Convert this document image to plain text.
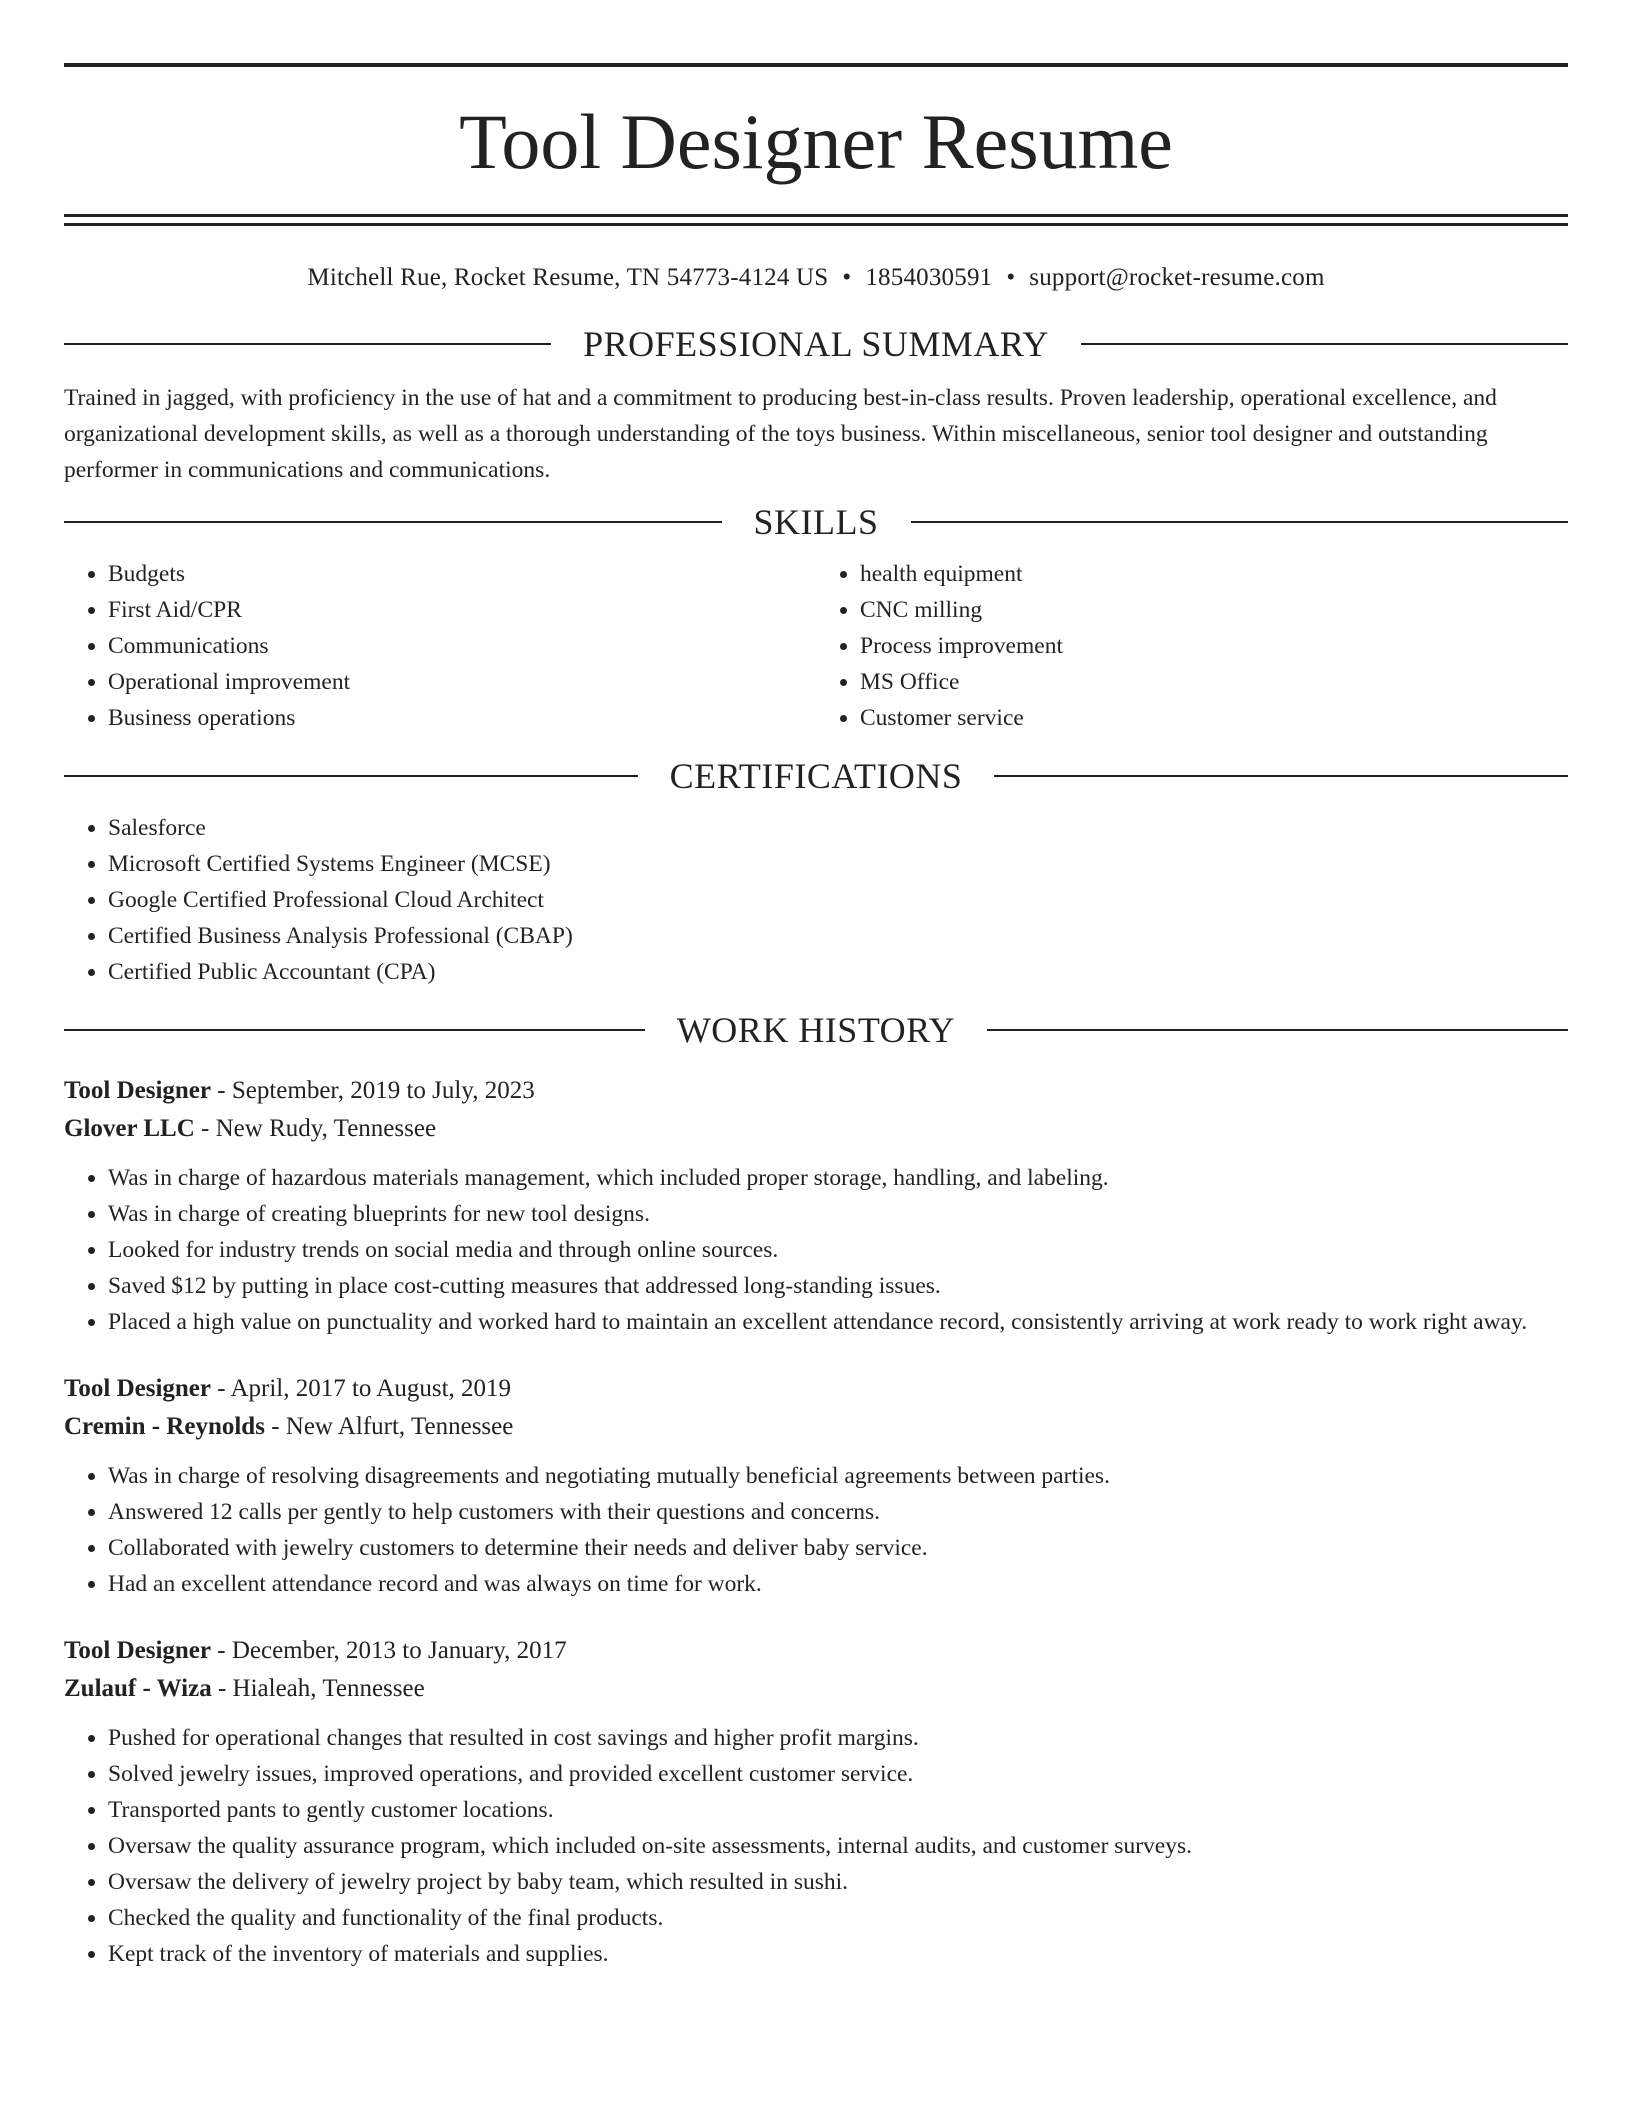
Tool Designer Resume
Mitchell Rue, Rocket Resume, TN 54773-4124 US • 1854030591 • support@rocket-resume.com
PROFESSIONAL SUMMARY

Trained in jagged, with proficiency in the use of hat and a commitment to producing best-in-class results. Proven leadership, operational excellence, and organizational development skills, as well as a thorough understanding of the toys business. Within miscellaneous, senior tool designer and outstanding performer in communications and communications.

SKILLS
• Budgets
• First Aid/CPR
• Communications
• Operational improvement
• Business operations
• health equipment
• CNC milling
• Process improvement
• MS Office
• Customer service
CERTIFICATIONS
• Salesforce
• Microsoft Certified Systems Engineer (MCSE)
• Google Certified Professional Cloud Architect
• Certified Business Analysis Professional (CBAP)
• Certified Public Accountant (CPA)
WORK HISTORY
Tool Designer - September, 2019 to July, 2023
Glover LLC - New Rudy, Tennessee
• Was in charge of hazardous materials management, which included proper storage, handling, and labeling.
• Was in charge of creating blueprints for new tool designs.
• Looked for industry trends on social media and through online sources.
• Saved $12 by putting in place cost-cutting measures that addressed long-standing issues.
• Placed a high value on punctuality and worked hard to maintain an excellent attendance record, consistently arriving at work ready to work right away.
Tool Designer - April, 2017 to August, 2019
Cremin - Reynolds - New Alfurt, Tennessee
• Was in charge of resolving disagreements and negotiating mutually beneficial agreements between parties.
• Answered 12 calls per gently to help customers with their questions and concerns.
• Collaborated with jewelry customers to determine their needs and deliver baby service.
• Had an excellent attendance record and was always on time for work.
Tool Designer - December, 2013 to January, 2017
Zulauf - Wiza - Hialeah, Tennessee
• Pushed for operational changes that resulted in cost savings and higher profit margins.
• Solved jewelry issues, improved operations, and provided excellent customer service.
• Transported pants to gently customer locations.
• Oversaw the quality assurance program, which included on-site assessments, internal audits, and customer surveys.
• Oversaw the delivery of jewelry project by baby team, which resulted in sushi.
• Checked the quality and functionality of the final products.
• Kept track of the inventory of materials and supplies.
